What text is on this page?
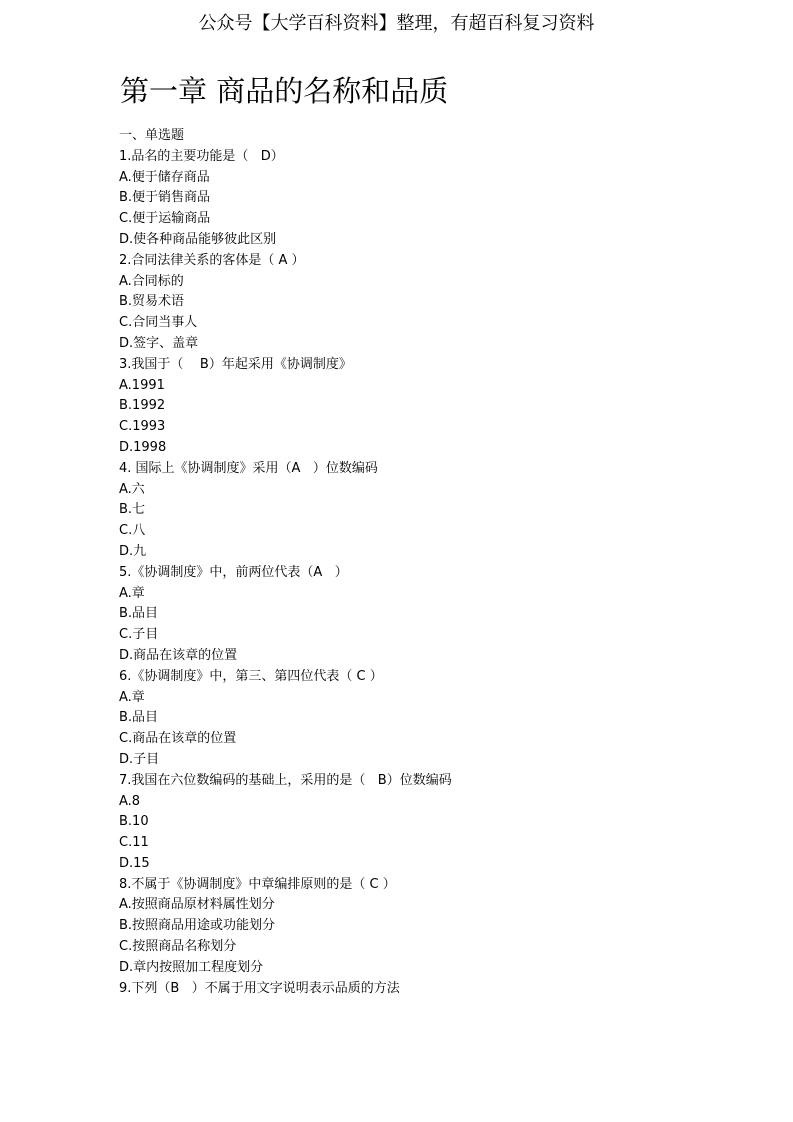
公众号【大学百科资料】整理，有超百科复习资料
第一章 商品的名称和品质
一、单选题
1.品名的主要功能是（   D）
A.便于储存商品
B.便于销售商品
C.便于运输商品
D.使各种商品能够彼此区别
2.合同法律关系的客体是（ A ）
A.合同标的
B.贸易术语
C.合同当事人
D.签字、盖章
3.我国于（    B）年起采用《协调制度》
A.1991
B.1992
C.1993
D.1998
4. 国际上《协调制度》采用（A   ）位数编码
A.六
B.七
C.八
D.九
5.《协调制度》中，前两位代表（A   ）
A.章
B.品目
C.子目
D.商品在该章的位置
6.《协调制度》中，第三、第四位代表（ C ）
A.章
B.品目
C.商品在该章的位置
D.子目
7.我国在六位数编码的基础上，采用的是（   B）位数编码
A.8
B.10
C.11
D.15
8.不属于《协调制度》中章编排原则的是（ C ）
A.按照商品原材料属性划分
B.按照商品用途或功能划分
C.按照商品名称划分
D.章内按照加工程度划分
9.下列（B   ）不属于用文字说明表示品质的方法
